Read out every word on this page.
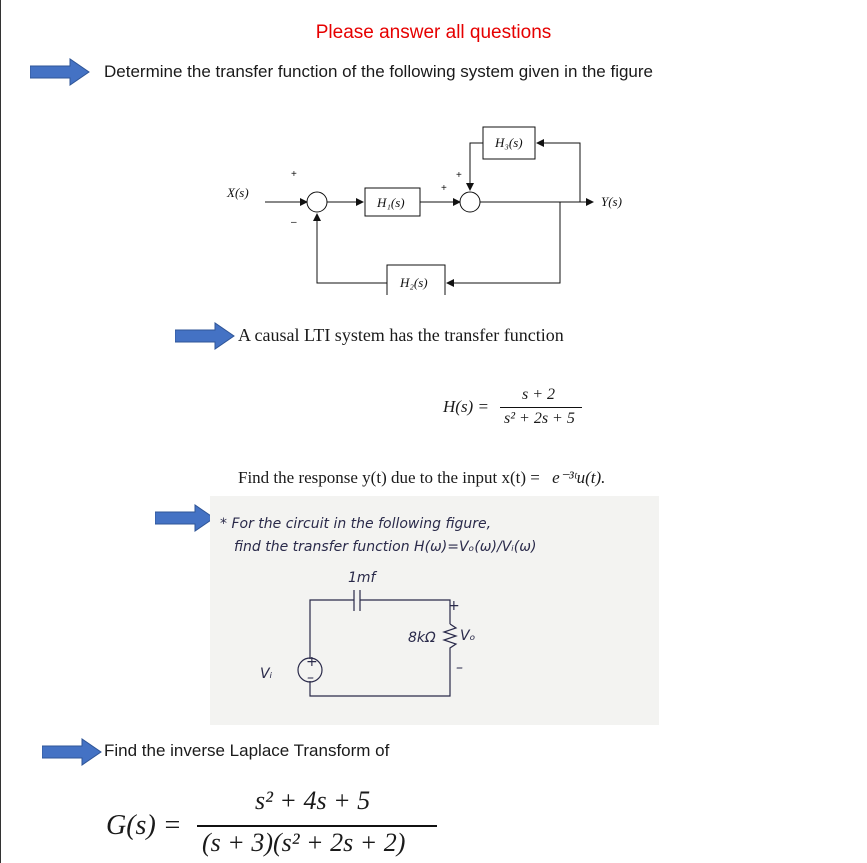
Please answer all questions
Determine the transfer function of the following system given in the figure
X(s)
Y(s)
H₁(s)
H₃(s)
H₂(s)
+
–
+
+
A causal LTI system has the transfer function
H(s) =
s + 2
s² + 2s + 5
Find the response y(t) due to the input x(t) = e⁻³ᵗu(t).
* For the circuit in the following figure,
find the transfer function H(ω)=Vₒ(ω)/Vᵢ(ω)
1mf
8kΩ Vₒ
+
–
Vᵢ
+
–
Find the inverse Laplace Transform of
G(s) =
s² + 4s + 5
(s + 3)(s² + 2s + 2)
